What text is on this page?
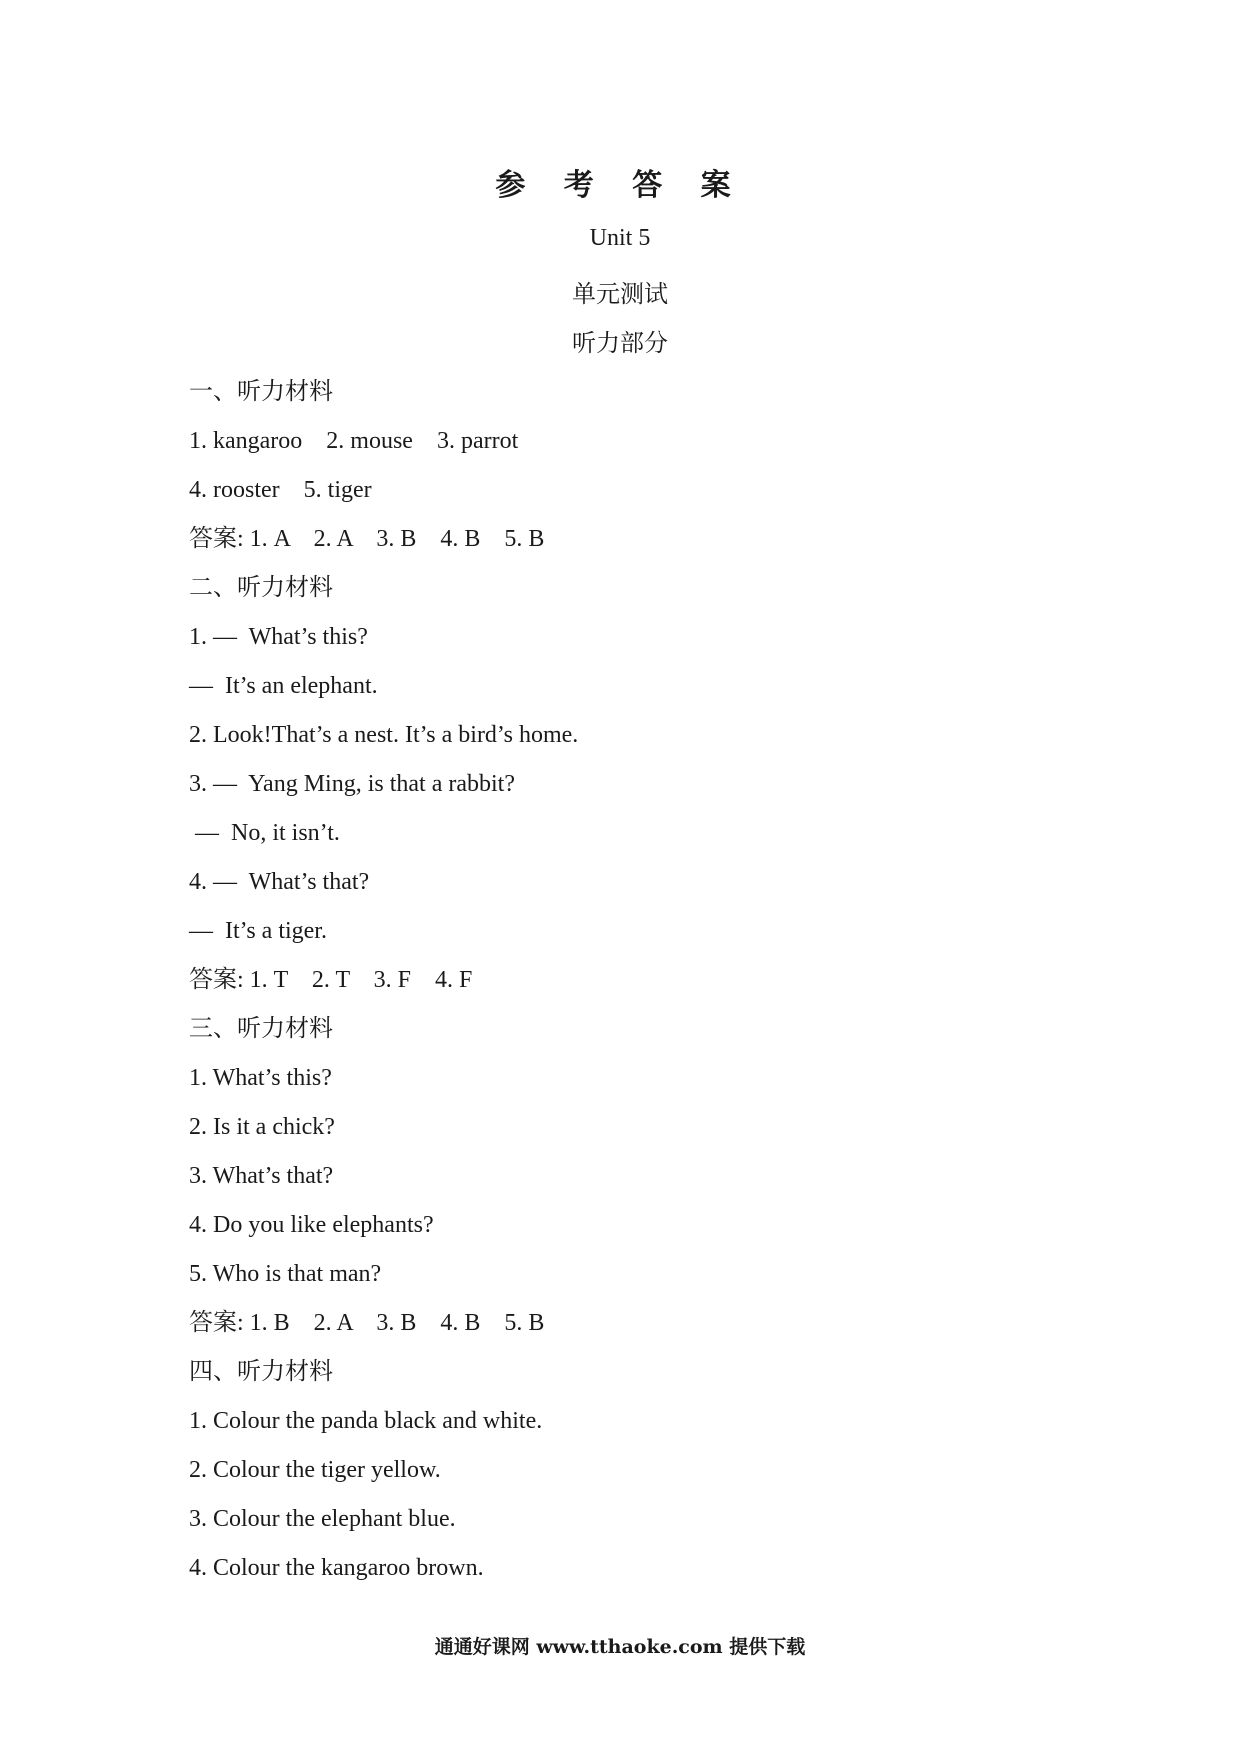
参 考 答 案
Unit 5
单元测试
听力部分
一、听力材料
1. kangaroo    2. mouse    3. parrot
4. rooster    5. tiger
答案: 1. A    2. A    3. B    4. B    5. B
二、听力材料
1. —  What’s this?
—  It’s an elephant.
2. Look!That’s a nest. It’s a bird’s home.
3. —  Yang Ming, is that a rabbit?
—  No, it isn’t.
4. —  What’s that?
—  It’s a tiger.
答案: 1. T    2. T    3. F    4. F
三、听力材料
1. What’s this?
2. Is it a chick?
3. What’s that?
4. Do you like elephants?
5. Who is that man?
答案: 1. B    2. A    3. B    4. B    5. B
四、听力材料
1. Colour the panda black and white.
2. Colour the tiger yellow.
3. Colour the elephant blue.
4. Colour the kangaroo brown.
通通好课网 www.tthaoke.com 提供下载
